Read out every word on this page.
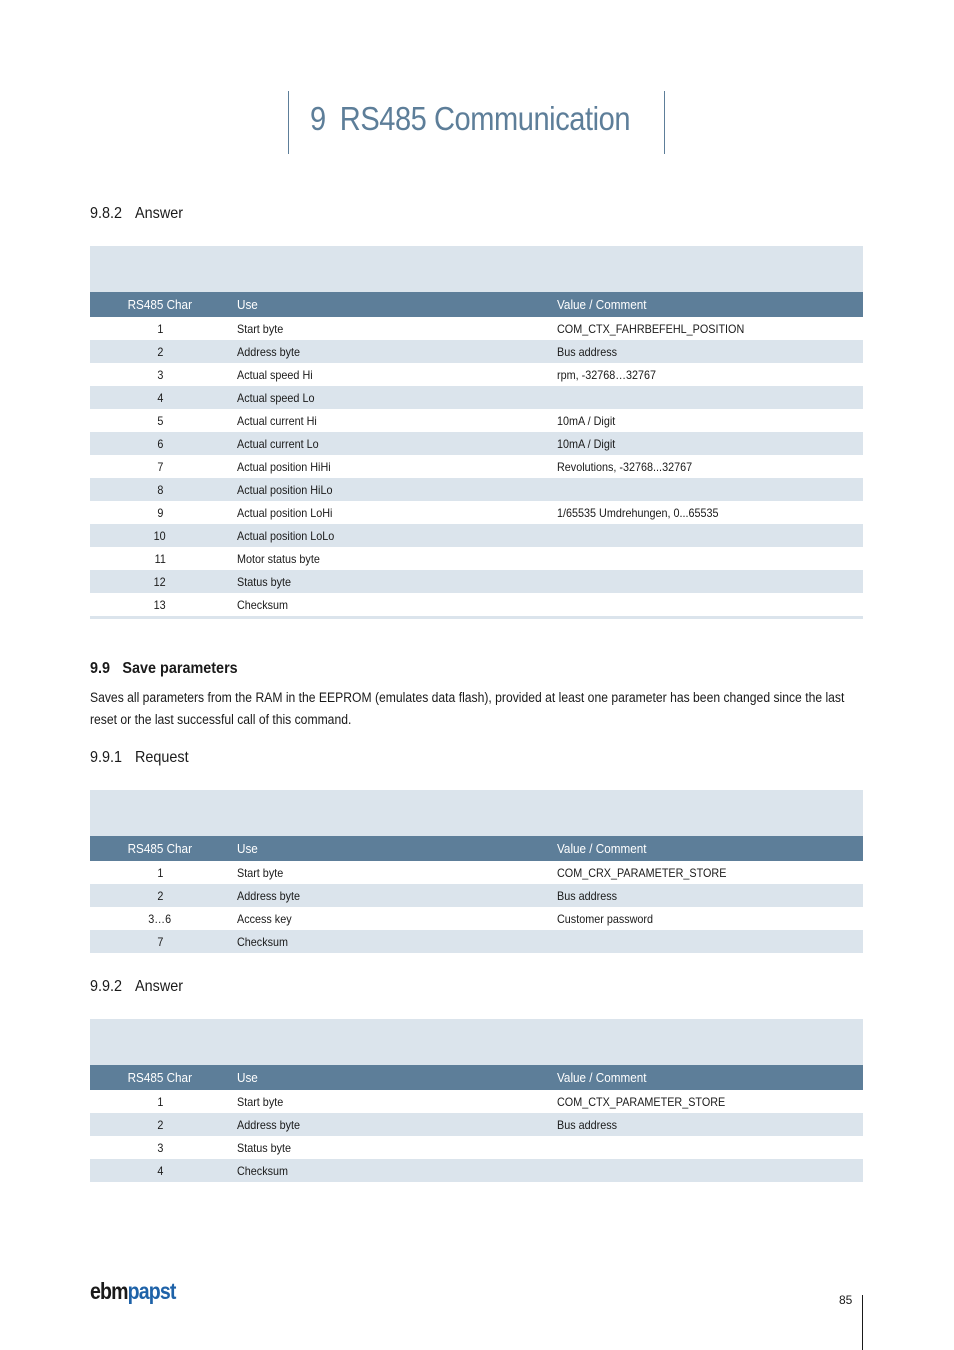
9 RS485 Communication
9.8.2 Answer
RS485 Char	Use	Value / Comment
1	Start byte	COM_CTX_FAHRBEFEHL_POSITION
2	Address byte	Bus address
3	Actual speed Hi	rpm, -32768…32767
4	Actual speed Lo
5	Actual current Hi	10mA / Digit
6	Actual current Lo	10mA / Digit
7	Actual position HiHi	Revolutions, -32768...32767
8	Actual position HiLo
9	Actual position LoHi	1/65535 Umdrehungen, 0...65535
10	Actual position LoLo
11	Motor status byte
12	Status byte
13	Checksum
9.9 Save parameters

Saves all parameters from the RAM in the EEPROM (emulates data flash), provided at least one parameter has been changed since the last reset or the last successful call of this command.

9.9.1 Request
RS485 Char	Use	Value / Comment
1	Start byte	COM_CRX_PARAMETER_STORE
2	Address byte	Bus address
3…6	Access key	Customer password
7	Checksum
9.9.2 Answer
RS485 Char	Use	Value / Comment
1	Start byte	COM_CTX_PARAMETER_STORE
2	Address byte	Bus address
3	Status byte
4	Checksum
ebmpapst	85
